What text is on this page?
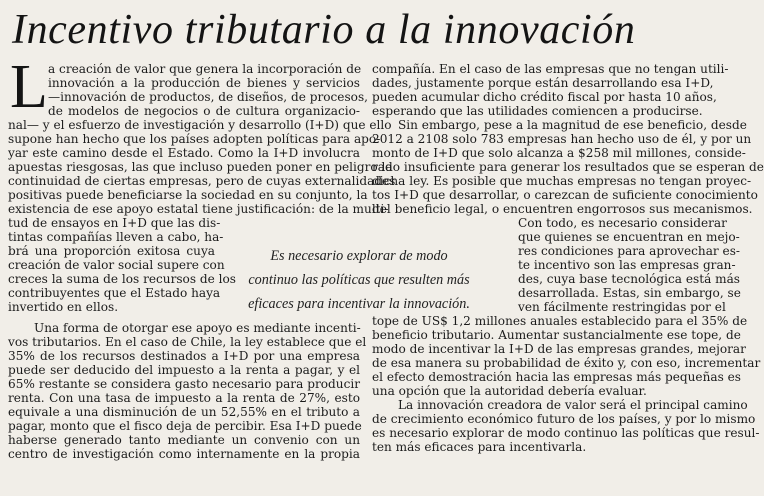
Incentivo tributario a la innovación
L a creación de valor que genera la incorporación de
innovación a la producción de bienes y servicios
—innovación de productos, de diseños, de procesos,
de modelos de negocios o de cultura organizacio-
nal— y el esfuerzo de investigación y desarrollo (I+D) que ello
supone han hecho que los países adopten políticas para apo-
yar este camino desde el Estado. Como la I+D involucra
apuestas riesgosas, las que incluso pueden poner en peligro la
continuidad de ciertas empresas, pero de cuyas externalidades
positivas puede beneficiarse la sociedad en su conjunto, la
existencia de ese apoyo estatal tiene justificación: de la multi-
tud de ensayos en I+D que las dis-
tintas compañías lleven a cabo, ha-
brá una proporción exitosa cuya
creación de valor social supere con
creces la suma de los recursos de los
contribuyentes que el Estado haya
invertido en ellos.
Una forma de otorgar ese apoyo es mediante incenti-
vos tributarios. En el caso de Chile, la ley establece que el
35% de los recursos destinados a I+D por una empresa
puede ser deducido del impuesto a la renta a pagar, y el
65% restante se considera gasto necesario para producir
renta. Con una tasa de impuesto a la renta de 27%, esto
equivale a una disminución de un 52,55% en el tributo a
pagar, monto que el fisco deja de percibir. Esa I+D puede
haberse generado tanto mediante un convenio con un
centro de investigación como internamente en la propia
compañía. En el caso de las empresas que no tengan utili-
dades, justamente porque están desarrollando esa I+D,
pueden acumular dicho crédito fiscal por hasta 10 años,
esperando que las utilidades comiencen a producirse.
Sin embargo, pese a la magnitud de ese beneficio, desde
2012 a 2108 solo 783 empresas han hecho uso de él, y por un
monto de I+D que solo alcanza a $258 mil millones, conside-
rado insuficiente para generar los resultados que se esperan de
dicha ley. Es posible que muchas empresas no tengan proyec-
tos I+D que desarrollar, o carezcan de suficiente conocimiento
del beneficio legal, o encuentren engorrosos sus mecanismos.
Con todo, es necesario considerar
que quienes se encuentran en mejo-
res condiciones para aprovechar es-
te incentivo son las empresas gran-
des, cuya base tecnológica está más
desarrollada. Estas, sin embargo, se
ven fácilmente restringidas por el
tope de US$ 1,2 millones anuales establecido para el 35% de
beneficio tributario. Aumentar sustancialmente ese tope, de
modo de incentivar la I+D de las empresas grandes, mejorar
de esa manera su probabilidad de éxito y, con eso, incrementar
el efecto demostración hacia las empresas más pequeñas es
una opción que la autoridad debería evaluar.
La innovación creadora de valor será el principal camino
de crecimiento económico futuro de los países, y por lo mismo
es necesario explorar de modo continuo las políticas que resul-
ten más eficaces para incentivarla.
Es necesario explorar de modo
continuo las políticas que resulten más
eficaces para incentivar la innovación.
